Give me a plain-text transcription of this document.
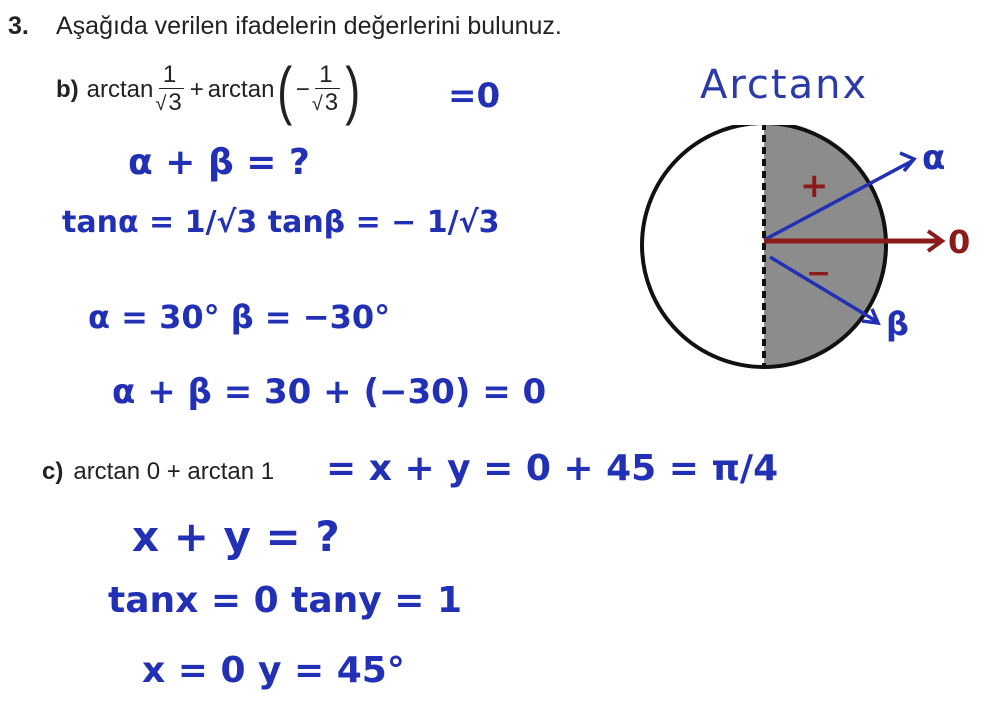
3. Aşağıda verilen ifadelerin değerlerini bulunuz.
b) $\arctan \frac{1}{√3} + \arctan$ ( − $\frac{1}{√3}$ )	=0
α + β = ?
tanα = 1/√3 tanβ = − 1/√3
α = 30° β = −30°
α + β = 30 + (−30) = 0
c) arctan 0 + arctan 1 = x + y = 0 + 45 = π/4
x + y = ?
tanx = 0 tany = 1
x = 0 y = 45°
Arctanx
+
−
α
0
β
